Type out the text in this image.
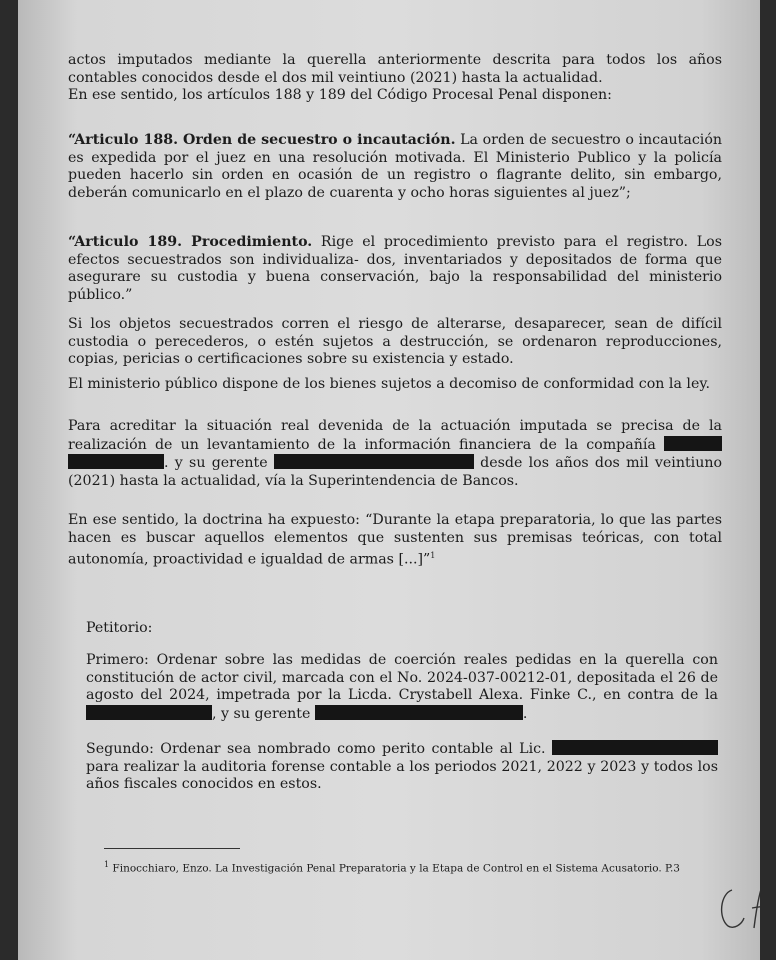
actos imputados mediante la querella anteriormente descrita para todos los años contables conocidos desde el dos mil veintiuno (2021) hasta la actualidad.
En ese sentido, los artículos 188 y 189 del Código Procesal Penal disponen:
“Articulo 188. Orden de secuestro o incautación. La orden de secuestro o incautación es expedida por el juez en una resolución motivada. El Ministerio Publico y la policía pueden hacerlo sin orden en ocasión de un registro o flagrante delito, sin embargo, deberán comunicarlo en el plazo de cuarenta y ocho horas siguientes al juez”;
“Articulo 189. Procedimiento. Rige el procedimiento previsto para el registro. Los efectos secuestrados son individualiza- dos, inventariados y depositados de forma que asegurare su custodia y buena conservación, bajo la responsabilidad del ministerio público.”
Si los objetos secuestrados corren el riesgo de alterarse, desaparecer, sean de difícil custodia o perecederos, o estén sujetos a destrucción, se ordenaron reproducciones, copias, pericias o certificaciones sobre su existencia y estado.
El ministerio público dispone de los bienes sujetos a decomiso de conformidad con la ley.
Para acreditar la situación real devenida de la actuación imputada se precisa de la realización de un levantamiento de la información financiera de la compañía  . y su gerente	desde los años dos mil veintiuno (2021) hasta la actualidad, vía la Superintendencia de Bancos.
En ese sentido, la doctrina ha expuesto: “Durante la etapa preparatoria, lo que las partes hacen es buscar aquellos elementos que sustenten sus premisas teóricas, con total autonomía, proactividad e igualdad de armas [...]”$^1$
Petitorio:
Primero: Ordenar sobre las medidas de coerción reales pedidas en la querella con constitución de actor civil, marcada con el No. 2024-037-00212-01, depositada el 26 de agosto del 2024, impetrada por la Licda. Crystabell Alexa. Finke C., en contra de la , y su gerente	.
Segundo: Ordenar sea nombrado como perito contable al Lic.  para realizar la auditoria forense contable a los periodos 2021, 2022 y 2023 y todos los años fiscales conocidos en estos.
$^1$ Finocchiaro, Enzo. La Investigación Penal Preparatoria y la Etapa de Control en el Sistema Acusatorio. P.3
